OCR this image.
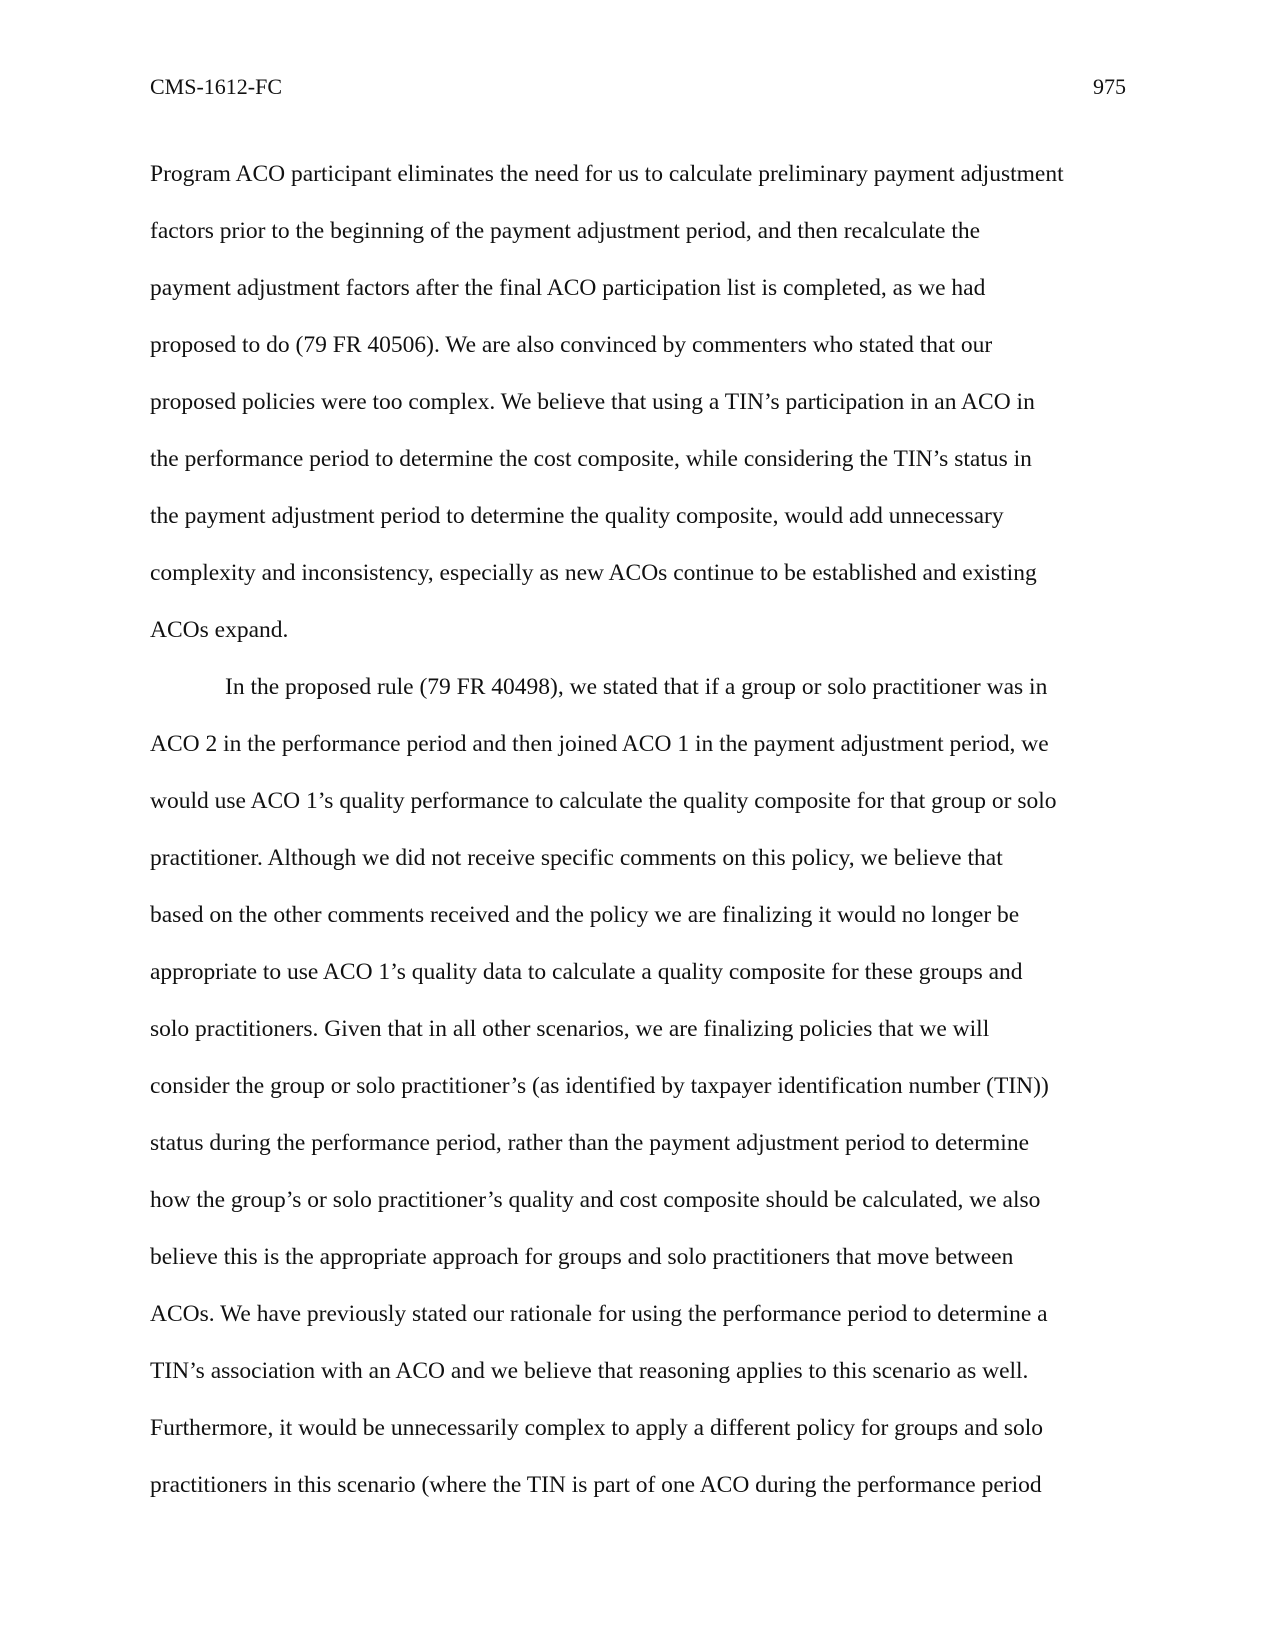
CMS-1612-FC	975
Program ACO participant eliminates the need for us to calculate preliminary payment adjustment
factors prior to the beginning of the payment adjustment period, and then recalculate the
payment adjustment factors after the final ACO participation list is completed, as we had
proposed to do (79 FR 40506). We are also convinced by commenters who stated that our
proposed policies were too complex. We believe that using a TIN’s participation in an ACO in
the performance period to determine the cost composite, while considering the TIN’s status in
the payment adjustment period to determine the quality composite, would add unnecessary
complexity and inconsistency, especially as new ACOs continue to be established and existing
ACOs expand.
In the proposed rule (79 FR 40498), we stated that if a group or solo practitioner was in
ACO 2 in the performance period and then joined ACO 1 in the payment adjustment period, we
would use ACO 1’s quality performance to calculate the quality composite for that group or solo
practitioner. Although we did not receive specific comments on this policy, we believe that
based on the other comments received and the policy we are finalizing it would no longer be
appropriate to use ACO 1’s quality data to calculate a quality composite for these groups and
solo practitioners. Given that in all other scenarios, we are finalizing policies that we will
consider the group or solo practitioner’s (as identified by taxpayer identification number (TIN))
status during the performance period, rather than the payment adjustment period to determine
how the group’s or solo practitioner’s quality and cost composite should be calculated, we also
believe this is the appropriate approach for groups and solo practitioners that move between
ACOs. We have previously stated our rationale for using the performance period to determine a
TIN’s association with an ACO and we believe that reasoning applies to this scenario as well.
Furthermore, it would be unnecessarily complex to apply a different policy for groups and solo
practitioners in this scenario (where the TIN is part of one ACO during the performance period
